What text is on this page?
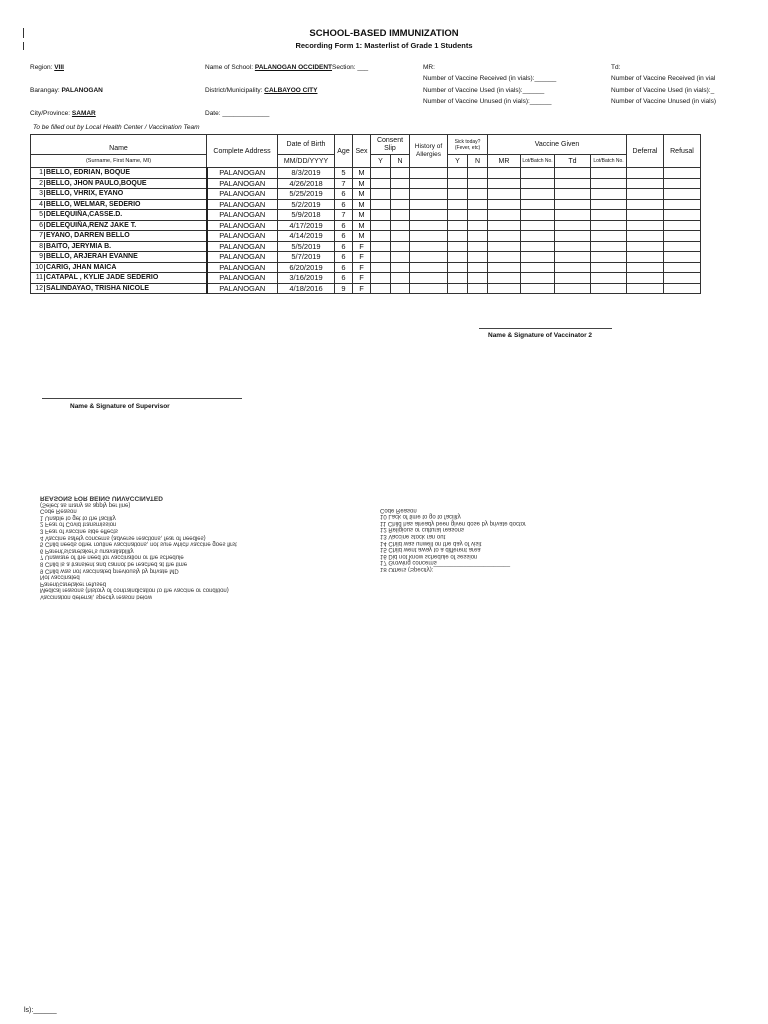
SCHOOL-BASED IMMUNIZATION
Recording Form 1: Masterlist of Grade 1 Students
Region: VIII	Name of School: PALANOGAN OCCIDENTSection: ___
Barangay: PALANOGAN	District/Municipality: CALBAYOO CITY
City/Province: SAMAR	Date: _____________
To be filled out by Local Health Center / Vaccination Team
MR:
Number of Vaccine Received (in vials):______
Number of Vaccine Used (in vials):______
Number of Vaccine Unused (in vials):______
Td:
Number of Vaccine Received (in vial
Number of Vaccine Used (in vials):_
Number of Vaccine Unused (in vials)
Name	Complete Address	Date of Birth	Age	Sex	Consent Slip		History of Allergies	Sick today? (Fever, etc)		Vaccine Given				Deferral	Refusal

(Surname, First Name, MI)		MM/DD/YYYY			Y	N		Y	N	MR	Lot/Batch No.	Td	Lot/Batch No.		
1 BELLO, EDRIAN, BOQUE	PALANOGAN	8/3/2019	5	M											
2 BELLO, JHON PAULO,BOQUE	PALANOGAN	4/26/2018	7	M											
3 BELLO, VHRIX, EYANO	PALANOGAN	5/25/2019	6	M											
4 BELLO, WELMAR, SEDERIO	PALANOGAN	5/2/2019	6	M											
5 DELEQUIÑA,CASSE.D.	PALANOGAN	5/9/2018	7	M											
6 DELEQUIÑA,RENZ JAKE T.	PALANOGAN	4/17/2019	6	M											
7 EYANO, DARREN BELLO	PALANOGAN	4/14/2019	6	M											
8 BAITO, JERYMIA B.	PALANOGAN	5/5/2019	6	F											
9 BELLO, ARJERAH EVANNE	PALANOGAN	5/7/2019	6	F											
10 CARIG, JHAN MAICA	PALANOGAN	6/20/2019	6	F											
11 CATAPAL , KYLIE JADE SEDERIO	PALANOGAN	3/16/2019	6	F											
12 SALINDAYAO, TRISHA NICOLE	PALANOGAN	4/18/2016	9	F											
Name & Signature of Vaccinator 2
Name & Signature of Supervisor
Vaccination deferral, specify reason below
Medical reasons (history of contraindication to the vaccine or condition)
Parent/caretaker refused
Not vaccinated
9 Child was not vaccinated previously by private MD
8 Child is a transient and cannot be reached at the time
7 Unaware of the need for vaccination or the schedule
6 Parent's/caretaker's unavailability
5 Child needs other routine vaccinations, not sure which vaccine goes first
4 Vaccine safety concerns (adverse reactions, fear of needles)
3 Fear of vaccine side effects
2 Fear of Covid transmission
1 Unable to get to the facility
Code Reason
(Select as many as apply per line)
REASONS FOR BEING UNVACCINATED
18 Others (Specify):_______________________
17 Growing concerns
16 Did not know schedule of session
15 Child went away to a different area
14 Child was unwell on the day of visit
13 Vaccine stock ran out
12 Religious or cultural reasons
11 Child has already been given dose by private doctor
10 Lack of time to go to facility
Code Reason
ls):______
